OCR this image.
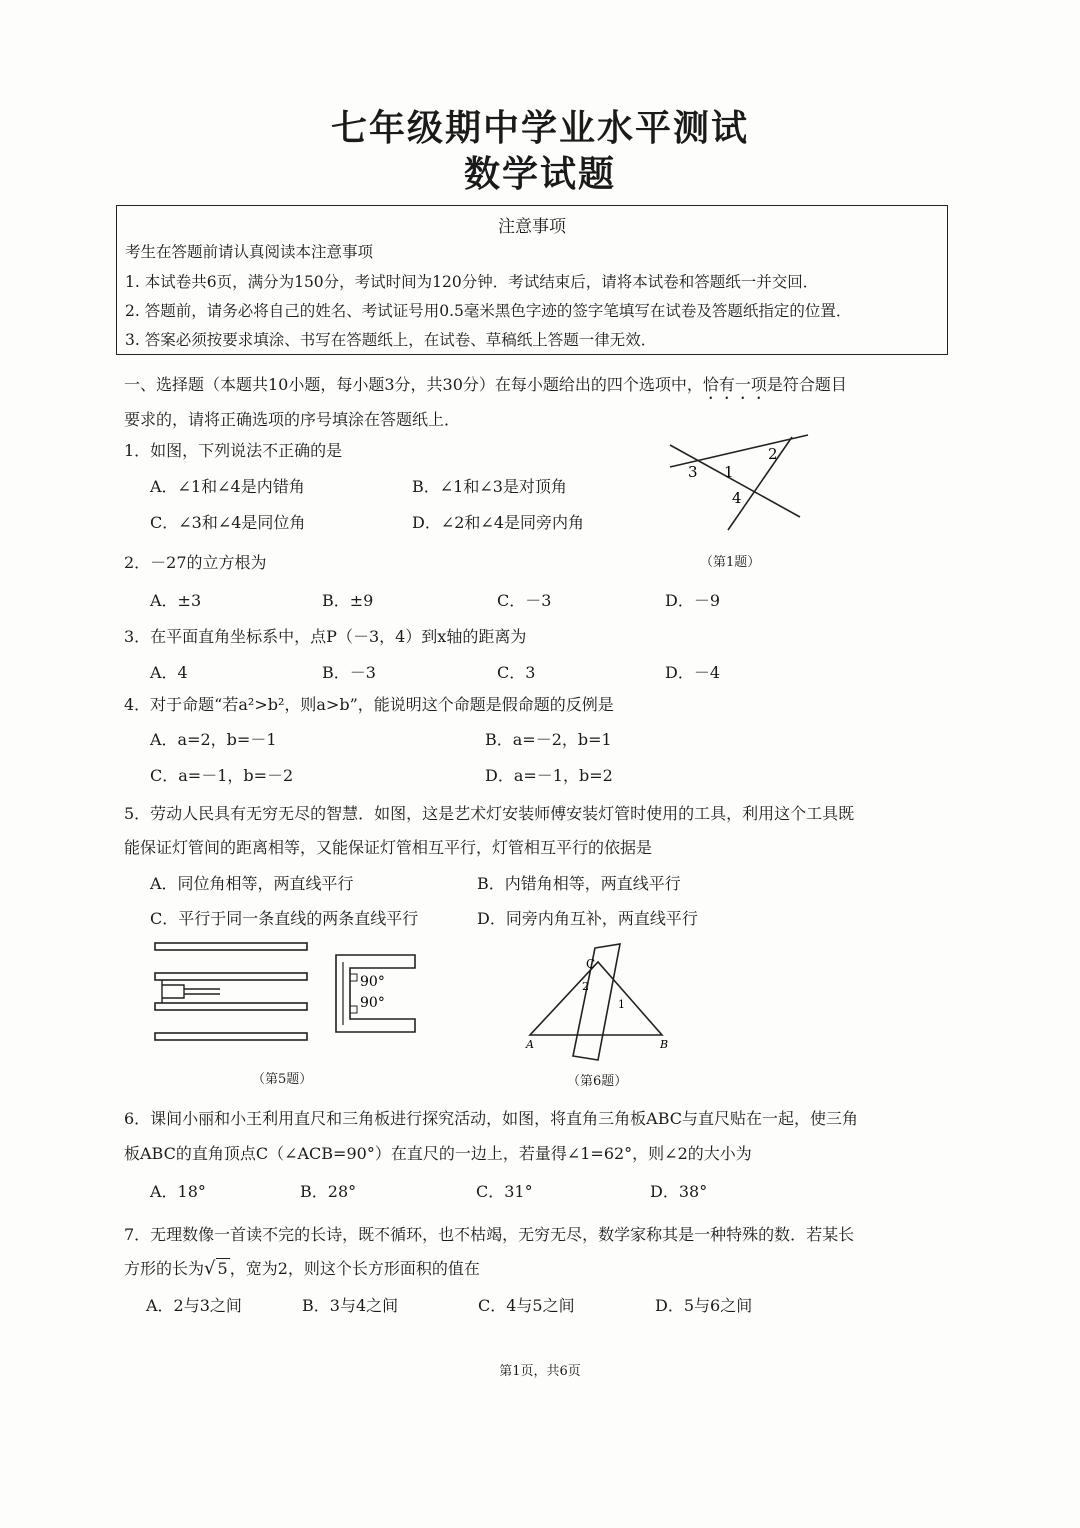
七年级期中学业水平测试
数学试题
注意事项
考生在答题前请认真阅读本注意事项
1. 本试卷共6页，满分为150分，考试时间为120分钟．考试结束后，请将本试卷和答题纸一并交回．
2. 答题前，请务必将自己的姓名、考试证号用0.5毫米黑色字迹的签字笔填写在试卷及答题纸指定的位置．
3. 答案必须按要求填涂、书写在答题纸上，在试卷、草稿纸上答题一律无效．
一、选择题（本题共10小题，每小题3分，共30分）在每小题给出的四个选项中，恰有一项是符合题目
要求的，请将正确选项的序号填涂在答题纸上．
1．如图，下列说法不正确的是
A．∠1和∠4是内错角	B．∠1和∠3是对顶角
C．∠3和∠4是同位角	D．∠2和∠4是同旁内角
3 1
2
4
（第1题）
2．－27的立方根为
A．±3	B．±9	C．－3	D．－9
3．在平面直角坐标系中，点P（－3，4）到x轴的距离为
A．4	B．－3	C．3	D．－4
4．对于命题“若a²>b²，则a>b”，能说明这个命题是假命题的反例是
A．a=2，b=－1	B．a=－2，b=1
C．a=－1，b=－2	D．a=－1，b=2
5．劳动人民具有无穷无尽的智慧．如图，这是艺术灯安装师傅安装灯管时使用的工具，利用这个工具既
能保证灯管间的距离相等，又能保证灯管相互平行，灯管相互平行的依据是
A．同位角相等，两直线平行	B．内错角相等，两直线平行
C．平行于同一条直线的两条直线平行	D．同旁内角互补，两直线平行
90°
90°
（第5题）
C
2
1
A	B
（第6题）
6．课间小丽和小王利用直尺和三角板进行探究活动，如图，将直角三角板ABC与直尺贴在一起，使三角
板ABC的直角顶点C（∠ACB=90°）在直尺的一边上，若量得∠1=62°，则∠2的大小为
A．18°	B．28°	C．31°	D．38°
7．无理数像一首读不完的长诗，既不循环，也不枯竭，无穷无尽，数学家称其是一种特殊的数．若某长
方形的长为√ 5 ，宽为2，则这个长方形面积的值在
A．2与3之间	B．3与4之间	C．4与5之间	D．5与6之间
第1页，共6页
